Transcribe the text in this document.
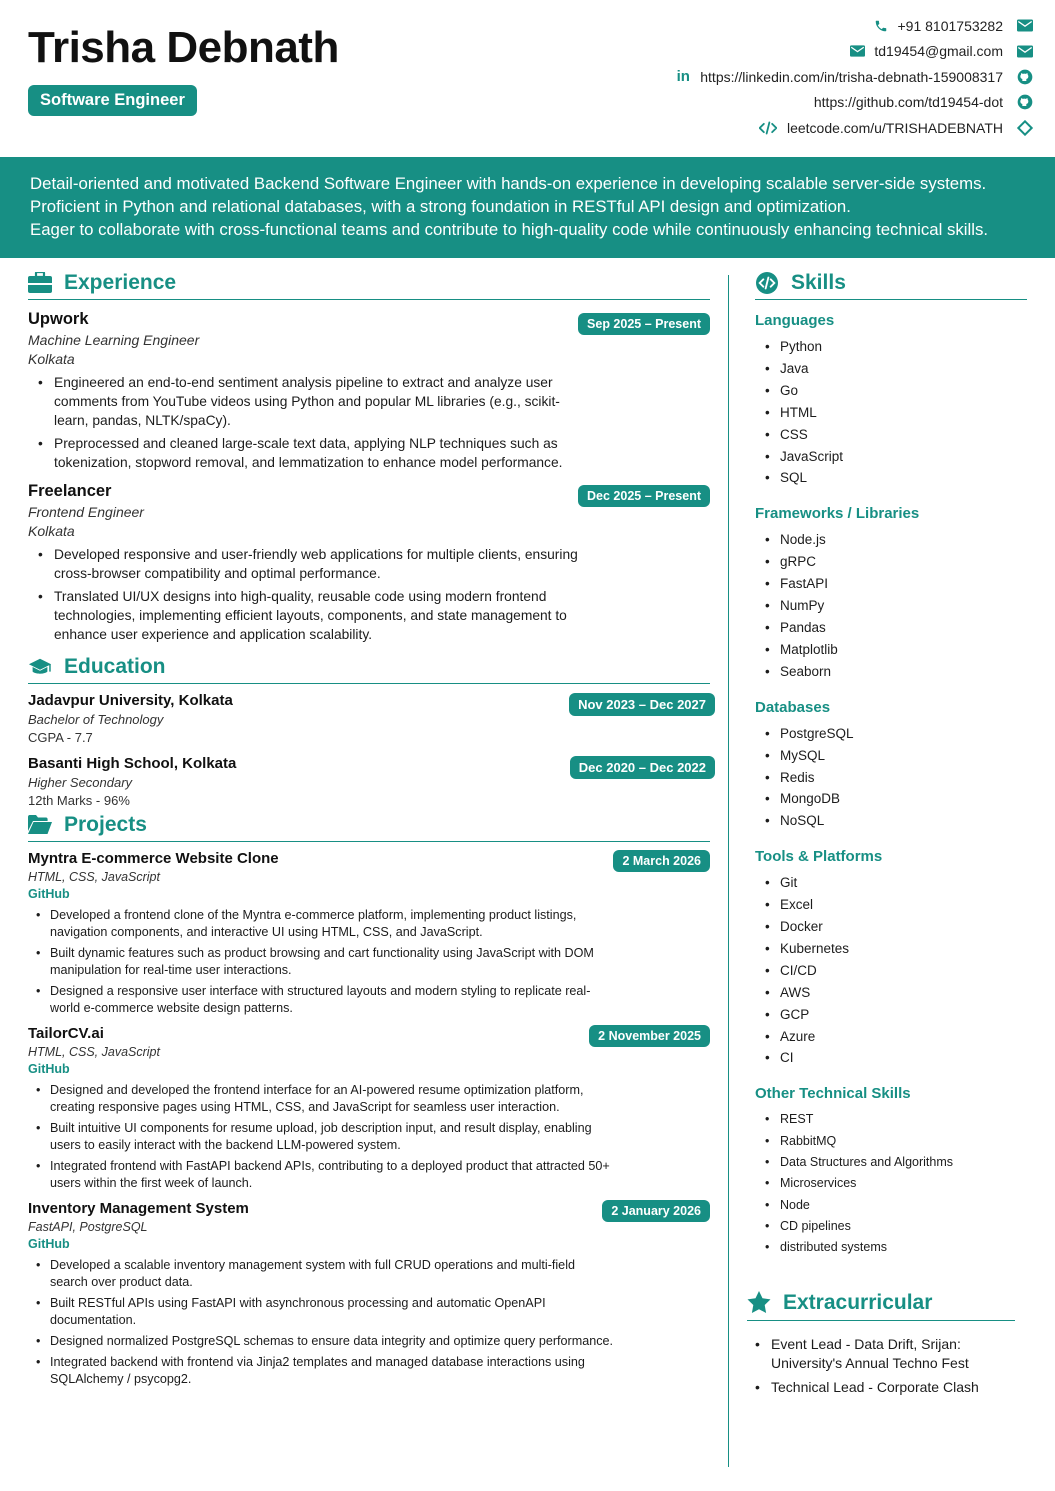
Trisha Debnath
Software Engineer
+91 8101753282
td19454@gmail.com
in https://linkedin.com/in/trisha-debnath-159008317
https://github.com/td19454-dot
leetcode.com/u/TRISHADEBNATH

Detail-oriented and motivated Backend Software Engineer with hands-on experience in developing scalable server-side systems.

Proficient in Python and relational databases, with a strong foundation in RESTful API design and optimization.

Eager to collaborate with cross-functional teams and contribute to high-quality code while continuously enhancing technical skills.

Experience
Sep 2025 – Present
Upwork
Machine Learning Engineer
Kolkata
• Engineered an end-to-end sentiment analysis pipeline to extract and analyze user comments from YouTube videos using Python and popular ML libraries (e.g., scikit-learn, pandas, NLTK/spaCy).
• Preprocessed and cleaned large-scale text data, applying NLP techniques such as tokenization, stopword removal, and lemmatization to enhance model performance.
Dec 2025 – Present
Freelancer
Frontend Engineer
Kolkata
• Developed responsive and user-friendly web applications for multiple clients, ensuring cross-browser compatibility and optimal performance.
• Translated UI/UX designs into high-quality, reusable code using modern frontend technologies, implementing efficient layouts, components, and state management to enhance user experience and application scalability.
Education
Nov 2023 – Dec 2027
Jadavpur University, Kolkata
Bachelor of Technology
CGPA - 7.7
Dec 2020 – Dec 2022
Basanti High School, Kolkata
Higher Secondary
12th Marks - 96%
Projects
2 March 2026
Myntra E-commerce Website Clone
HTML, CSS, JavaScript
GitHub
• Developed a frontend clone of the Myntra e-commerce platform, implementing product listings, navigation components, and interactive UI using HTML, CSS, and JavaScript.
• Built dynamic features such as product browsing and cart functionality using JavaScript with DOM manipulation for real-time user interactions.
• Designed a responsive user interface with structured layouts and modern styling to replicate real-world e-commerce website design patterns.
2 November 2025
TailorCV.ai
HTML, CSS, JavaScript
GitHub
• Designed and developed the frontend interface for an AI-powered resume optimization platform, creating responsive pages using HTML, CSS, and JavaScript for seamless user interaction.
• Built intuitive UI components for resume upload, job description input, and result display, enabling users to easily interact with the backend LLM-powered system.
• Integrated frontend with FastAPI backend APIs, contributing to a deployed product that attracted 50+ users within the first week of launch.
2 January 2026
Inventory Management System
FastAPI, PostgreSQL
GitHub
• Developed a scalable inventory management system with full CRUD operations and multi-field search over product data.
• Built RESTful APIs using FastAPI with asynchronous processing and automatic OpenAPI documentation.
• Designed normalized PostgreSQL schemas to ensure data integrity and optimize query performance.
• Integrated backend with frontend via Jinja2 templates and managed database interactions using SQLAlchemy / psycopg2.
Skills
Languages
• Python
• Java
• Go
• HTML
• CSS
• JavaScript
• SQL
Frameworks / Libraries
• Node.js
• gRPC
• FastAPI
• NumPy
• Pandas
• Matplotlib
• Seaborn
Databases
• PostgreSQL
• MySQL
• Redis
• MongoDB
• NoSQL
Tools & Platforms
• Git
• Excel
• Docker
• Kubernetes
• CI/CD
• AWS
• GCP
• Azure
• CI
Other Technical Skills
• REST
• RabbitMQ
• Data Structures and Algorithms
• Microservices
• Node
• CD pipelines
• distributed systems
Extracurricular
• Event Lead - Data Drift, Srijan: University's Annual Techno Fest
• Technical Lead - Corporate Clash
